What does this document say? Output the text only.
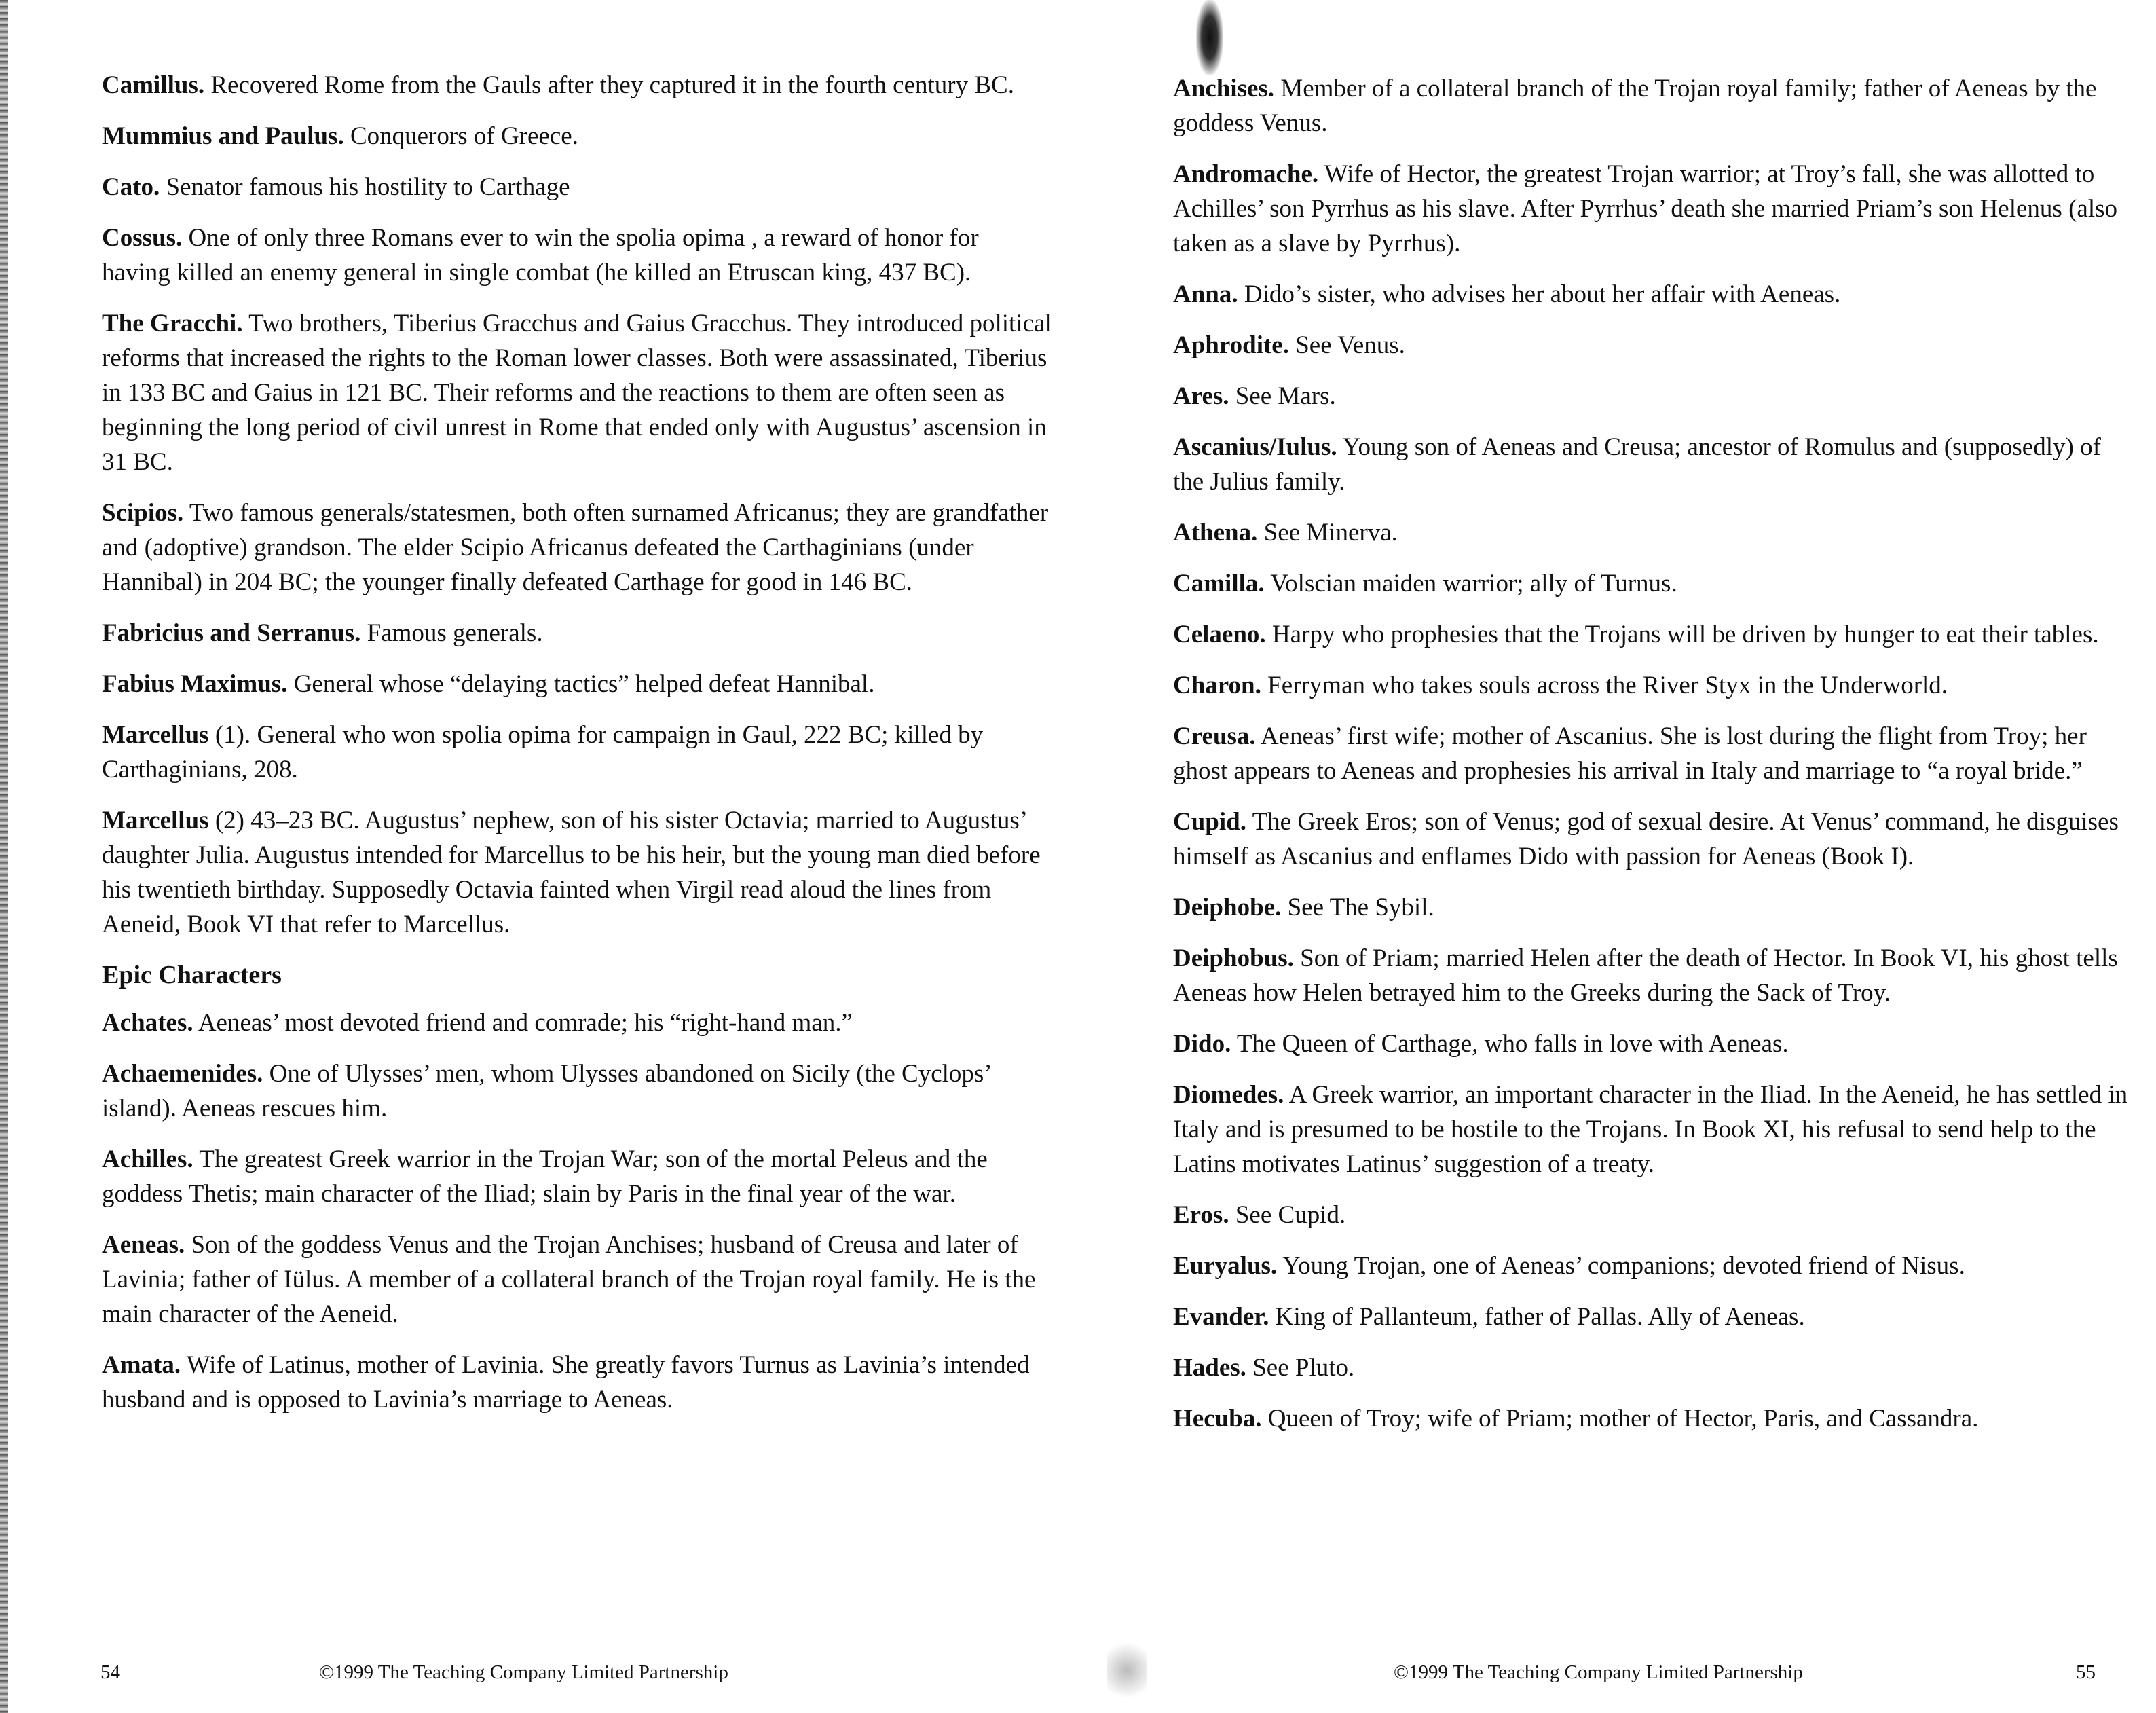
Camillus. Recovered Rome from the Gauls after they captured it in the fourth century BC.

Mummius and Paulus. Conquerors of Greece.

Cato. Senator famous his hostility to Carthage

Cossus. One of only three Romans ever to win the spolia opima , a reward of honor for having killed an enemy general in single combat (he killed an Etruscan king, 437 BC).

The Gracchi. Two brothers, Tiberius Gracchus and Gaius Gracchus. They introduced political reforms that increased the rights to the Roman lower classes. Both were assassinated, Tiberius in 133 BC and Gaius in 121 BC. Their reforms and the reactions to them are often seen as beginning the long period of civil unrest in Rome that ended only with Augustus’ ascension in 31 BC.

Scipios. Two famous generals/statesmen, both often surnamed Africanus; they are grandfather and (adoptive) grandson. The elder Scipio Africanus defeated the Carthaginians (under Hannibal) in 204 BC; the younger finally defeated Carthage for good in 146 BC.

Fabricius and Serranus. Famous generals.

Fabius Maximus. General whose “delaying tactics” helped defeat Hannibal.

Marcellus (1). General who won spolia opima for campaign in Gaul, 222 BC; killed by Carthaginians, 208.

Marcellus (2) 43–23 BC. Augustus’ nephew, son of his sister Octavia; married to Augustus’ daughter Julia. Augustus intended for Marcellus to be his heir, but the young man died before his twentieth birthday. Supposedly Octavia fainted when Virgil read aloud the lines from Aeneid, Book VI that refer to Marcellus.

Epic Characters

Achates. Aeneas’ most devoted friend and comrade; his “right-hand man.”

Achaemenides. One of Ulysses’ men, whom Ulysses abandoned on Sicily (the Cyclops’ island). Aeneas rescues him.

Achilles. The greatest Greek warrior in the Trojan War; son of the mortal Peleus and the goddess Thetis; main character of the Iliad; slain by Paris in the final year of the war.

Aeneas. Son of the goddess Venus and the Trojan Anchises; husband of Creusa and later of Lavinia; father of Iülus. A member of a collateral branch of the Trojan royal family. He is the main character of the Aeneid.

Amata. Wife of Latinus, mother of Lavinia. She greatly favors Turnus as Lavinia’s intended husband and is opposed to Lavinia’s marriage to Aeneas.

54	©1999 The Teaching Company Limited Partnership

Anchises. Member of a collateral branch of the Trojan royal family; father of Aeneas by the goddess Venus.

Andromache. Wife of Hector, the greatest Trojan warrior; at Troy’s fall, she was allotted to Achilles’ son Pyrrhus as his slave. After Pyrrhus’ death she married Priam’s son Helenus (also taken as a slave by Pyrrhus).

Anna. Dido’s sister, who advises her about her affair with Aeneas.

Aphrodite. See Venus.

Ares. See Mars.

Ascanius/Iulus. Young son of Aeneas and Creusa; ancestor of Romulus and (supposedly) of the Julius family.

Athena. See Minerva.

Camilla. Volscian maiden warrior; ally of Turnus.

Celaeno. Harpy who prophesies that the Trojans will be driven by hunger to eat their tables.

Charon. Ferryman who takes souls across the River Styx in the Underworld.

Creusa. Aeneas’ first wife; mother of Ascanius. She is lost during the flight from Troy; her ghost appears to Aeneas and prophesies his arrival in Italy and marriage to “a royal bride.”

Cupid. The Greek Eros; son of Venus; god of sexual desire. At Venus’ command, he disguises himself as Ascanius and enflames Dido with passion for Aeneas (Book I).

Deiphobe. See The Sybil.

Deiphobus. Son of Priam; married Helen after the death of Hector. In Book VI, his ghost tells Aeneas how Helen betrayed him to the Greeks during the Sack of Troy.

Dido. The Queen of Carthage, who falls in love with Aeneas.

Diomedes. A Greek warrior, an important character in the Iliad. In the Aeneid, he has settled in Italy and is presumed to be hostile to the Trojans. In Book XI, his refusal to send help to the Latins motivates Latinus’ suggestion of a treaty.

Eros. See Cupid.

Euryalus. Young Trojan, one of Aeneas’ companions; devoted friend of Nisus.

Evander. King of Pallanteum, father of Pallas. Ally of Aeneas.

Hades. See Pluto.

Hecuba. Queen of Troy; wife of Priam; mother of Hector, Paris, and Cassandra.

©1999 The Teaching Company Limited Partnership	55
